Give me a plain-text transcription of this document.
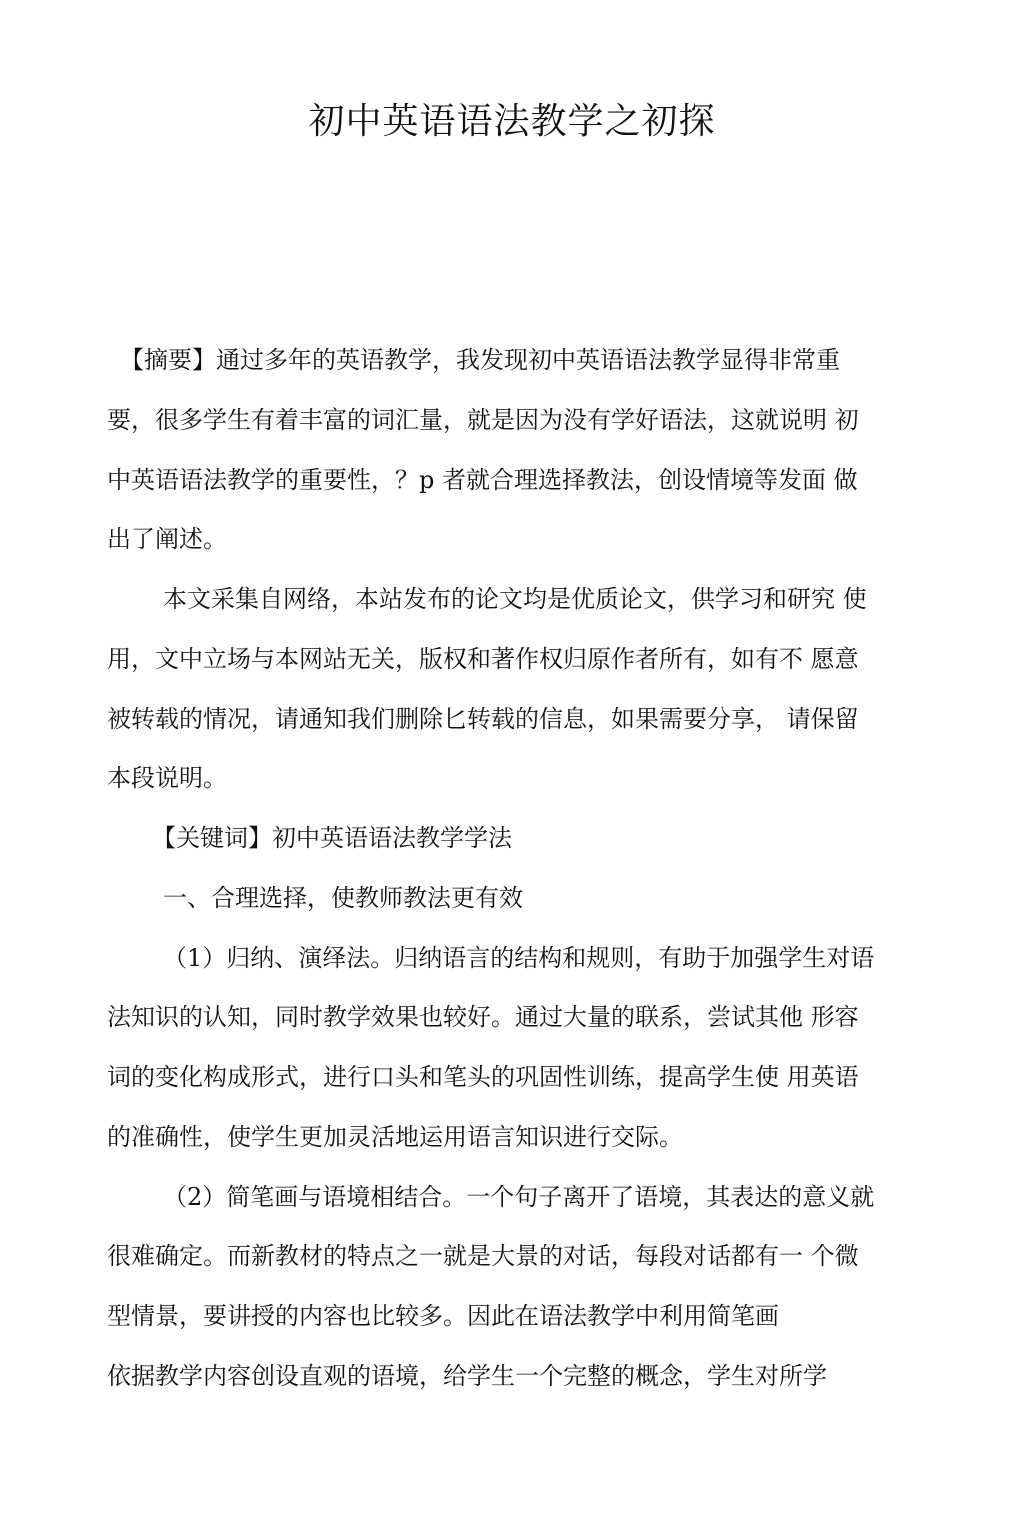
初中英语语法教学之初探

【摘要】通过多年的英语教学，我发现初中英语语法教学显得非常重

要，很多学生有着丰富的词汇量，就是因为没有学好语法，这就说明 初

中英语语法教学的重要性，？p 者就合理选择教法，创设情境等发面 做

出了阐述。

本文采集自网络，本站发布的论文均是优质论文，供学习和研究 使

用，文中立场与本网站无关，版权和著作权归原作者所有，如有不 愿意

被转载的情况，请通知我们删除匕转载的信息，如果需要分享， 请保留

本段说明。

【关键词】初中英语语法教学学法

一、合理选择，使教师教法更有效

（1）归纳、演绎法。归纳语言的结构和规则，有助于加强学生对语

法知识的认知，同时教学效果也较好。通过大量的联系，尝试其他 形容

词的变化构成形式，进行口头和笔头的巩固性训练，提高学生使 用英语

的准确性，使学生更加灵活地运用语言知识进行交际。

（2）简笔画与语境相结合。一个句子离开了语境，其表达的意义就

很难确定。而新教材的特点之一就是大景的对话，每段对话都有一 个微

型情景，要讲授的内容也比较多。因此在语法教学中利用简笔画

依据教学内容创设直观的语境，给学生一个完整的概念，学生对所学
